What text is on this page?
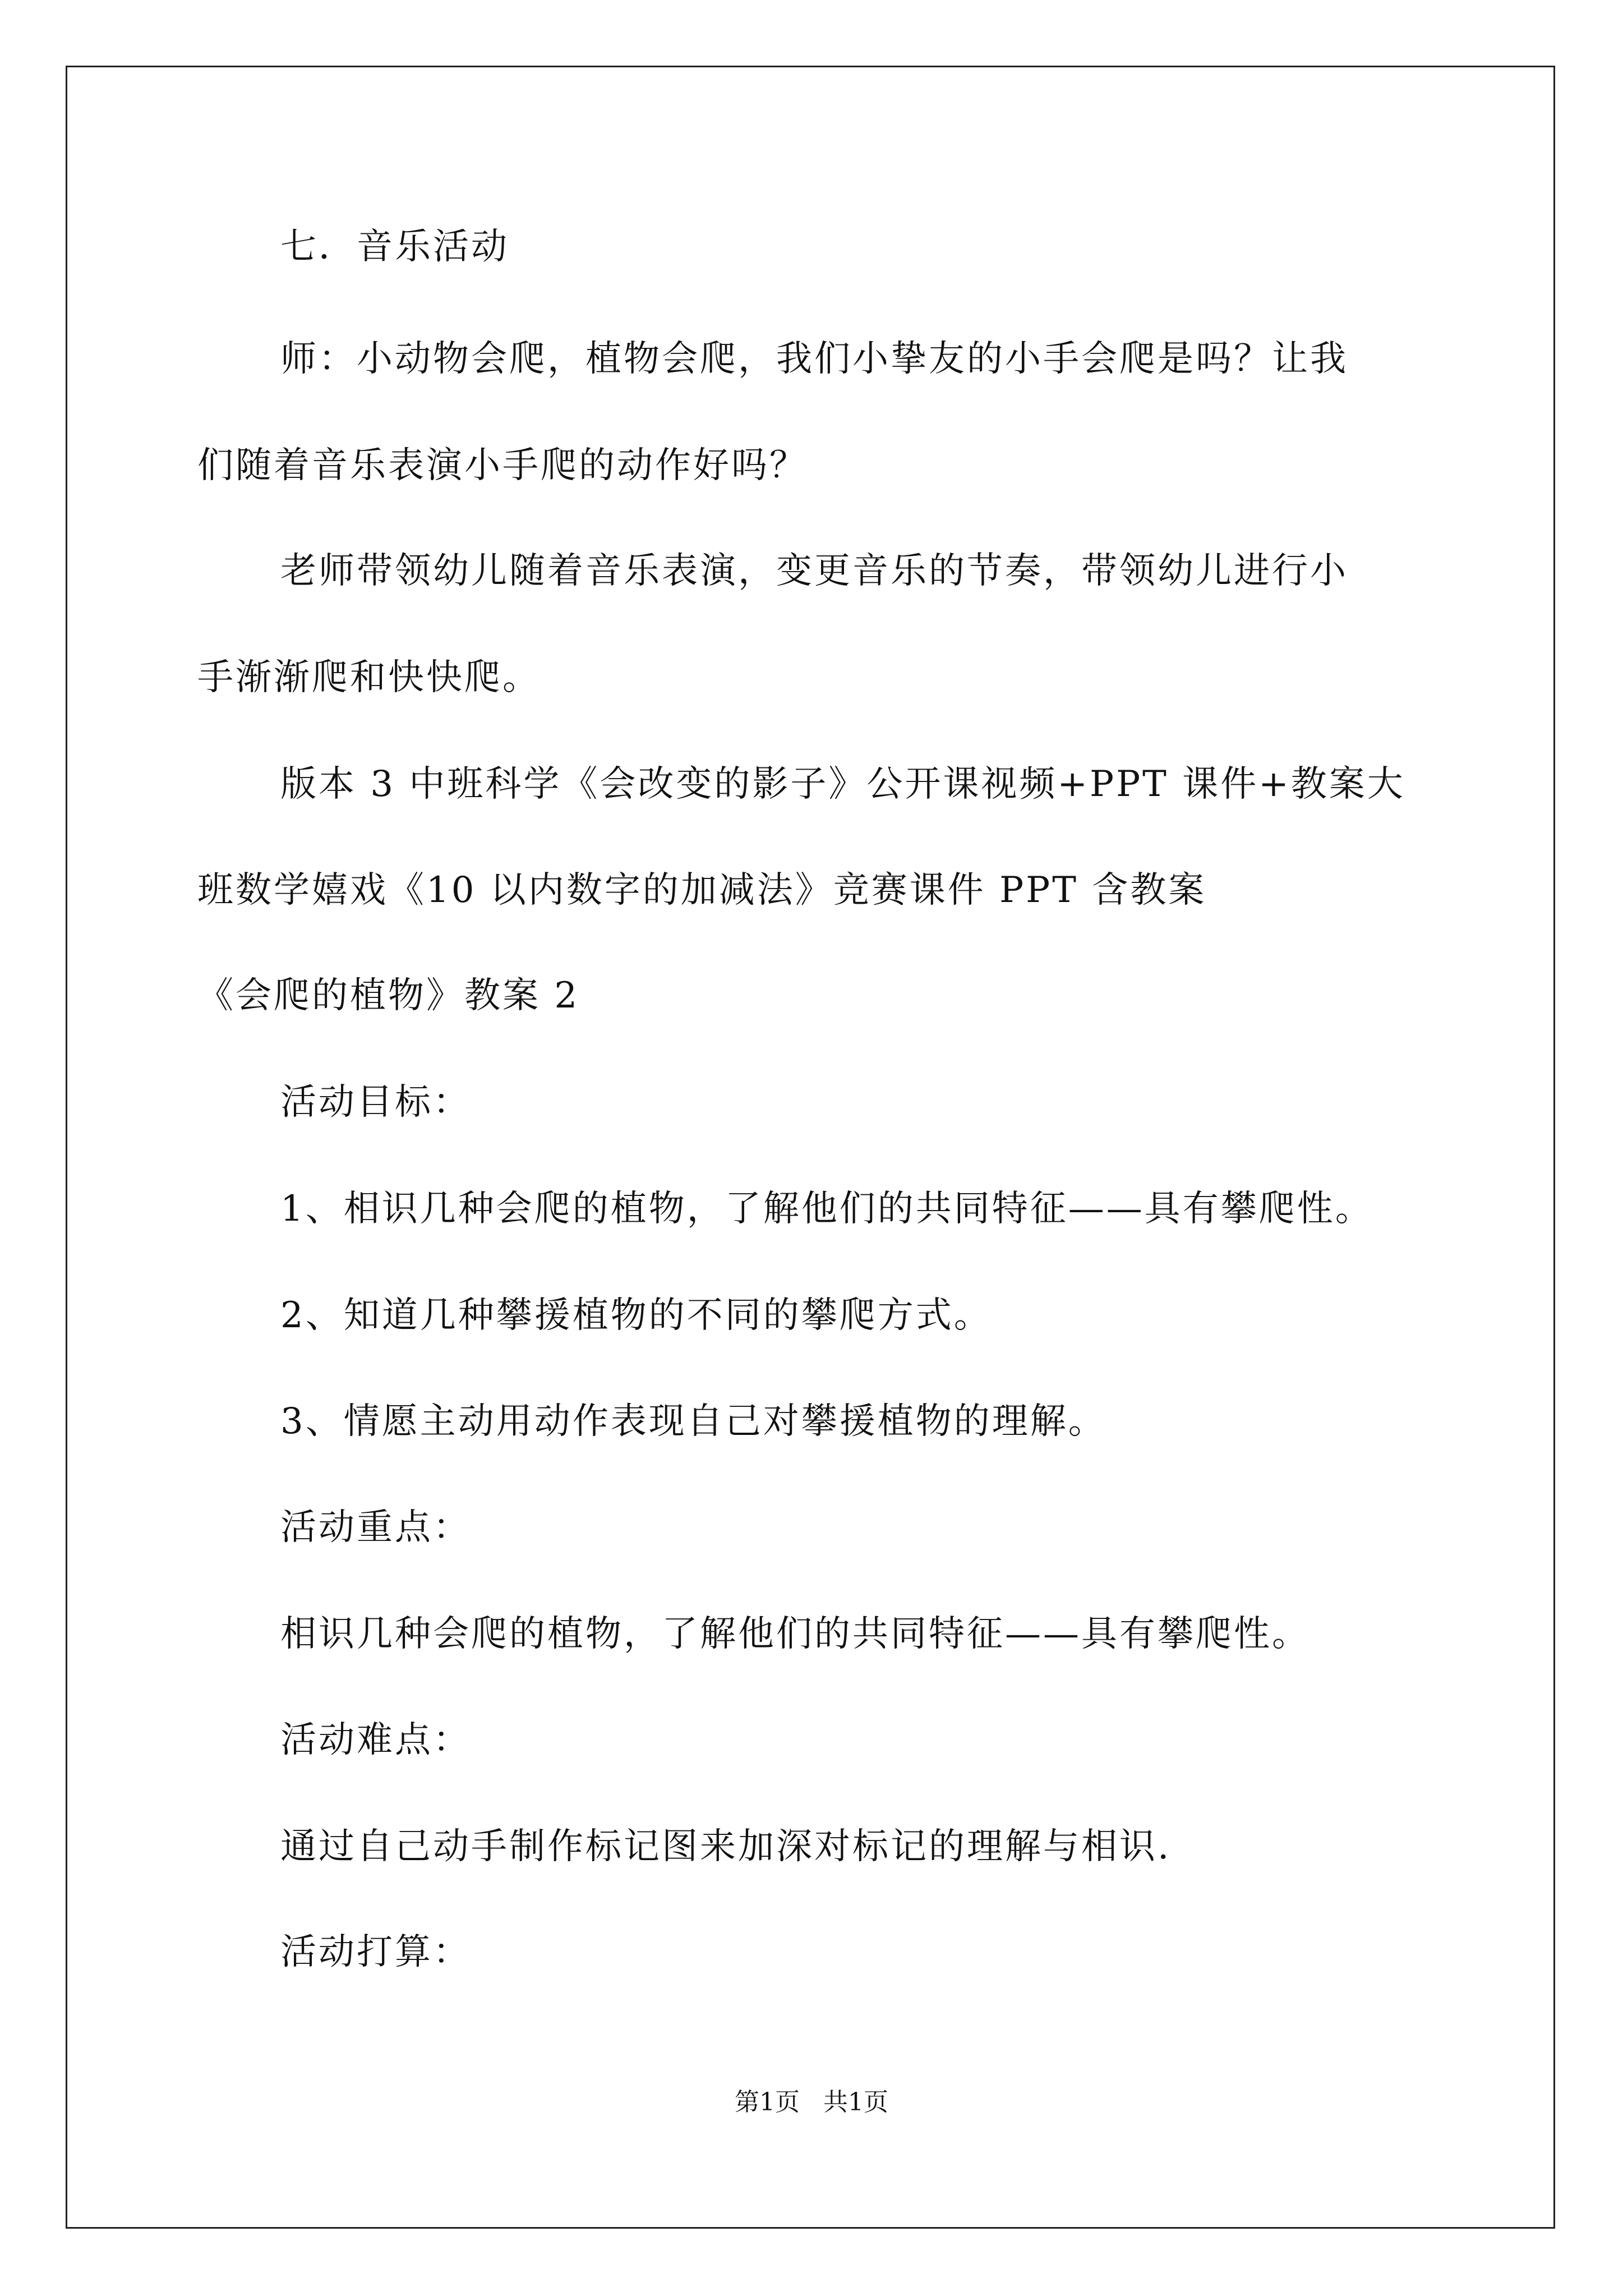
七．音乐活动

师：小动物会爬，植物会爬，我们小挚友的小手会爬是吗？让我

们随着音乐表演小手爬的动作好吗？

老师带领幼儿随着音乐表演，变更音乐的节奏，带领幼儿进行小

手渐渐爬和快快爬。

版本 3 中班科学《会改变的影子》公开课视频+PPT 课件+教案大

班数学嬉戏《10 以内数字的加减法》竞赛课件 PPT 含教案

《会爬的植物》教案 2

活动目标：

1、相识几种会爬的植物，了解他们的共同特征——具有攀爬性。

2、知道几种攀援植物的不同的攀爬方式。

3、情愿主动用动作表现自己对攀援植物的理解。

活动重点：

相识几种会爬的植物，了解他们的共同特征——具有攀爬性。

活动难点：

通过自己动手制作标记图来加深对标记的理解与相识.

活动打算：

第1页   共1页
